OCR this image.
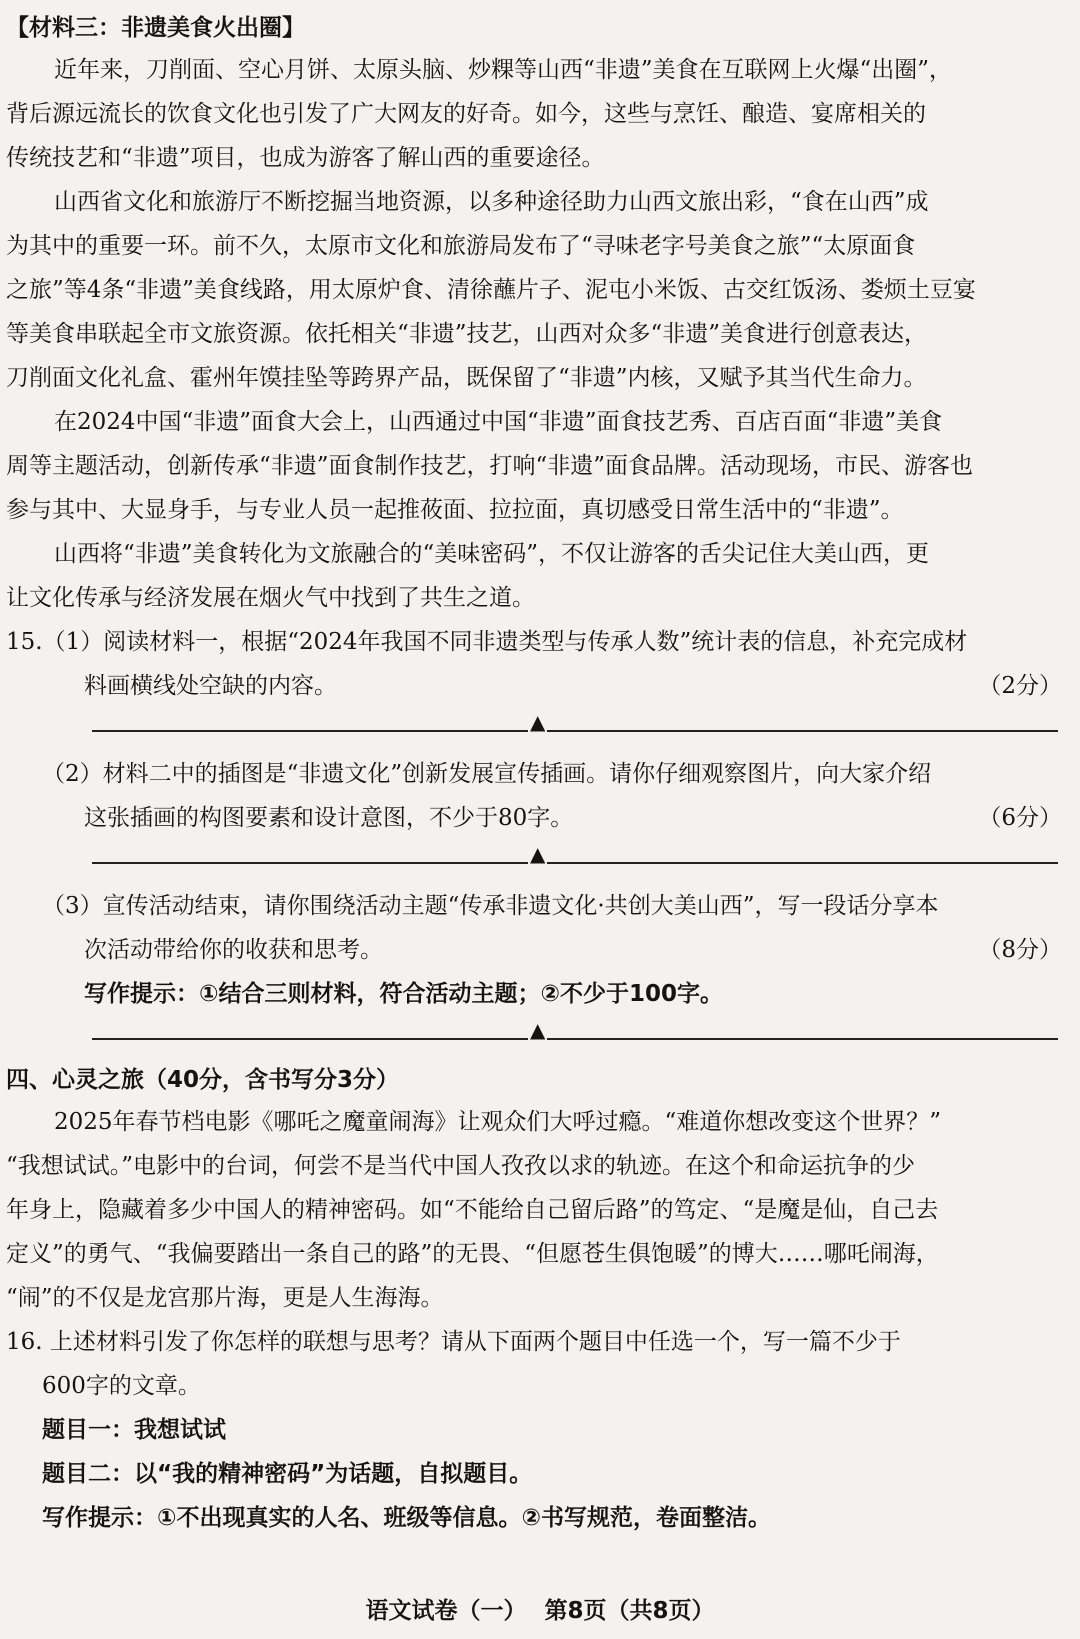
【材料三：非遗美食火出圈】
近年来，刀削面、空心月饼、太原头脑、炒粿等山西“非遗”美食在互联网上火爆“出圈”，
背后源远流长的饮食文化也引发了广大网友的好奇。如今，这些与烹饪、酿造、宴席相关的
传统技艺和“非遗”项目，也成为游客了解山西的重要途径。
山西省文化和旅游厅不断挖掘当地资源，以多种途径助力山西文旅出彩，“食在山西”成
为其中的重要一环。前不久，太原市文化和旅游局发布了“寻味老字号美食之旅”“太原面食
之旅”等4条“非遗”美食线路，用太原炉食、清徐蘸片子、泥屯小米饭、古交红饭汤、娄烦土豆宴
等美食串联起全市文旅资源。依托相关“非遗”技艺，山西对众多“非遗”美食进行创意表达，
刀削面文化礼盒、霍州年馍挂坠等跨界产品，既保留了“非遗”内核，又赋予其当代生命力。
在2024中国“非遗”面食大会上，山西通过中国“非遗”面食技艺秀、百店百面“非遗”美食
周等主题活动，创新传承“非遗”面食制作技艺，打响“非遗”面食品牌。活动现场，市民、游客也
参与其中、大显身手，与专业人员一起推莜面、拉拉面，真切感受日常生活中的“非遗”。
山西将“非遗”美食转化为文旅融合的“美味密码”，不仅让游客的舌尖记住大美山西，更
让文化传承与经济发展在烟火气中找到了共生之道。
15.（1）阅读材料一，根据“2024年我国不同非遗类型与传承人数”统计表的信息，补充完成材
料画横线处空缺的内容。	（2分）
▲
（2）材料二中的插图是“非遗文化”创新发展宣传插画。请你仔细观察图片，向大家介绍
这张插画的构图要素和设计意图，不少于80字。	（6分）
▲
（3）宣传活动结束，请你围绕活动主题“传承非遗文化·共创大美山西”，写一段话分享本
次活动带给你的收获和思考。	（8分）
写作提示：①结合三则材料，符合活动主题；②不少于100字。
▲
四、心灵之旅（40分，含书写分3分）
2025年春节档电影《哪吒之魔童闹海》让观众们大呼过瘾。“难道你想改变这个世界？”
“我想试试。”电影中的台词，何尝不是当代中国人孜孜以求的轨迹。在这个和命运抗争的少
年身上，隐藏着多少中国人的精神密码。如“不能给自己留后路”的笃定、“是魔是仙，自己去
定义”的勇气、“我偏要踏出一条自己的路”的无畏、“但愿苍生俱饱暖”的博大……哪吒闹海，
“闹”的不仅是龙宫那片海，更是人生海海。
16. 上述材料引发了你怎样的联想与思考？请从下面两个题目中任选一个，写一篇不少于
600字的文章。
题目一：我想试试
题目二：以“我的精神密码”为话题，自拟题目。
写作提示：①不出现真实的人名、班级等信息。②书写规范，卷面整洁。
语文试卷（一） 第8页（共8页）
